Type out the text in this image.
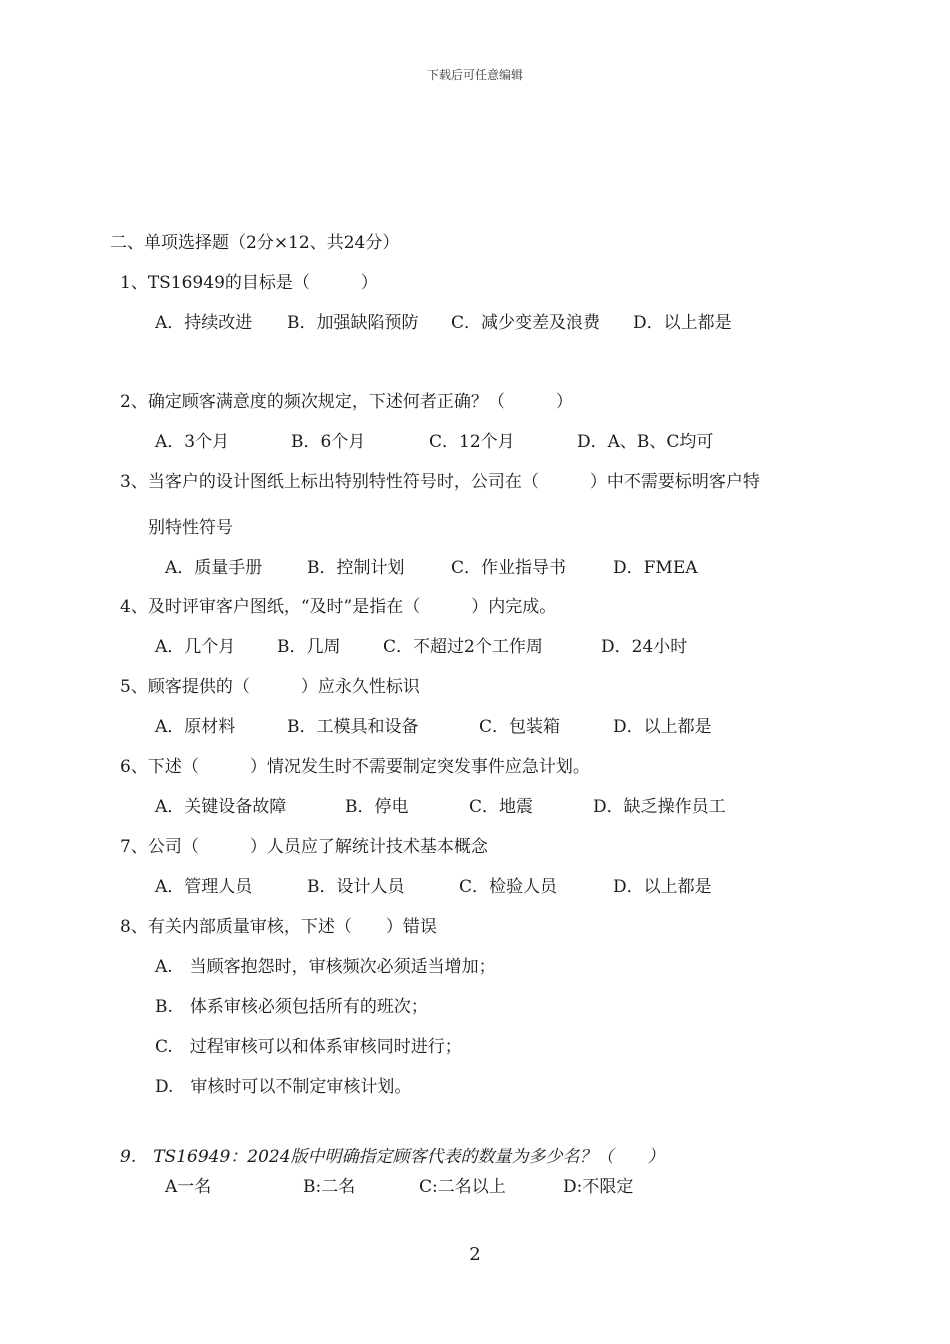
下载后可任意编辑
二、单项选择题（2分×12、共24分）
1、TS16949的目标是（　　　）
A．持续改进 B．加强缺陷预防 C．减少变差及浪费 D．以上都是
2、确定顾客满意度的频次规定，下述何者正确？（　　　）
A．3个月	B．6个月	C．12个月	D．A、B、C均可
3、当客户的设计图纸上标出特别特性符号时，公司在（　　　）中不需要标明客户特
别特性符号
A．质量手册	B．控制计划	C．作业指导书	D．FMEA
4、及时评审客户图纸，“及时”是指在（　　　）内完成。
A．几个月 B．几周	C．不超过2个工作周	D．24小时
5、顾客提供的（　　　）应永久性标识
A．原材料	B．工模具和设备	C．包装箱	D．以上都是
6、下述（　　　）情况发生时不需要制定突发事件应急计划。
A．关键设备故障	B．停电	C．地震	D．缺乏操作员工
7、公司（　　　）人员应了解统计技术基本概念
A．管理人员	B．设计人员	C．检验人员	D．以上都是
8、有关内部质量审核，下述（　　）错误
A.　当顾客抱怨时，审核频次必须适当增加；
B.　体系审核必须包括所有的班次；
C.　过程审核可以和体系审核同时进行；
D.　审核时可以不制定审核计划。
9.　TS16949：2024版中明确指定顾客代表的数量为多少名？（　　）
A一名	B:二名	C:二名以上	D:不限定
2
